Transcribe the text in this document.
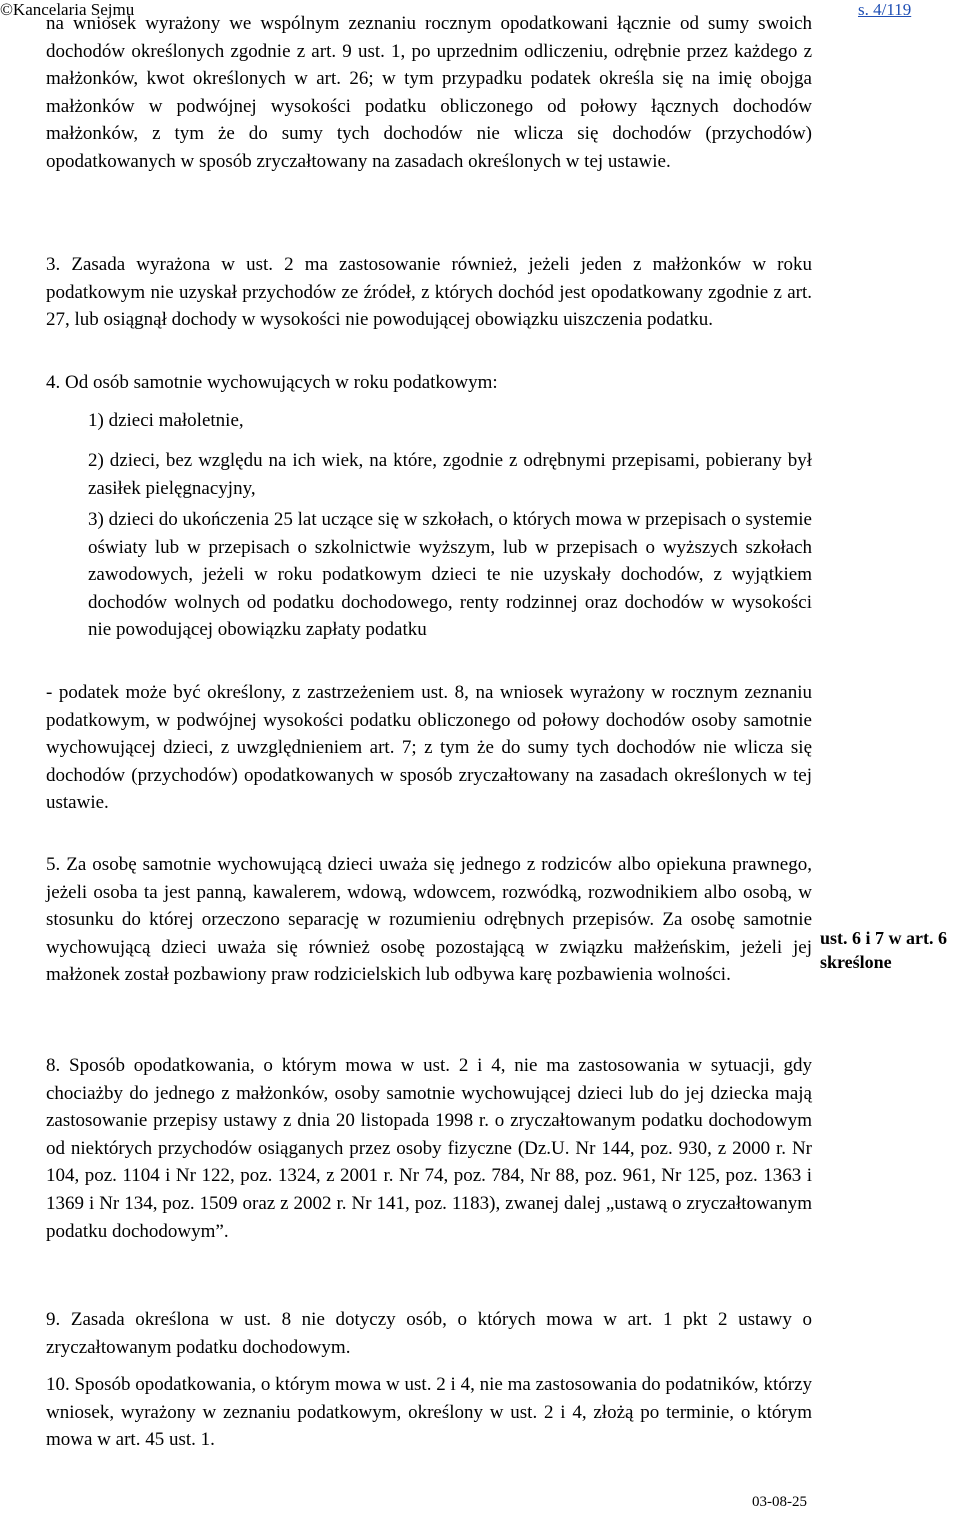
©Kancelaria Sejmu	s. 4/119

na wniosek wyrażony we wspólnym zeznaniu rocznym opodatkowani łącznie od sumy swoich dochodów określonych zgodnie z art. 9 ust. 1, po uprzednim odliczeniu, odrębnie przez każdego z małżonków, kwot określonych w art. 26; w tym przypadku podatek określa się na imię obojga małżonków w podwójnej wysokości podatku obliczonego od połowy łącznych dochodów małżonków, z tym że do sumy tych dochodów nie wlicza się dochodów (przychodów) opodatkowanych w sposób zryczałtowany na zasadach określonych w tej ustawie.

3. Zasada wyrażona w ust. 2 ma zastosowanie również, jeżeli jeden z małżonków w roku podatkowym nie uzyskał przychodów ze źródeł, z których dochód jest opodatkowany zgodnie z art. 27, lub osiągnął dochody w wysokości nie powodującej obowiązku uiszczenia podatku.

4. Od osób samotnie wychowujących w roku podatkowym:

1) dzieci małoletnie,

2) dzieci, bez względu na ich wiek, na które, zgodnie z odrębnymi przepisami, pobierany był zasiłek pielęgnacyjny,

3) dzieci do ukończenia 25 lat uczące się w szkołach, o których mowa w przepisach o systemie oświaty lub w przepisach o szkolnictwie wyższym, lub w przepisach o wyższych szkołach zawodowych, jeżeli w roku podatkowym dzieci te nie uzyskały dochodów, z wyjątkiem dochodów wolnych od podatku dochodowego, renty rodzinnej oraz dochodów w wysokości nie powodującej obowiązku zapłaty podatku

- podatek może być określony, z zastrzeżeniem ust. 8, na wniosek wyrażony w rocznym zeznaniu podatkowym, w podwójnej wysokości podatku obliczonego od połowy dochodów osoby samotnie wychowującej dzieci, z uwzględnieniem art. 7; z tym że do sumy tych dochodów nie wlicza się dochodów (przychodów) opodatkowanych w sposób zryczałtowany na zasadach określonych w tej ustawie.

5. Za osobę samotnie wychowującą dzieci uważa się jednego z rodziców albo opiekuna prawnego, jeżeli osoba ta jest panną, kawalerem, wdową, wdowcem, rozwódką, rozwodnikiem albo osobą, w stosunku do której orzeczono separację w rozumieniu odrębnych przepisów. Za osobę samotnie wychowującą dzieci uważa się również osobę pozostającą w związku małżeńskim, jeżeli jej małżonek został pozbawiony praw rodzicielskich lub odbywa karę pozbawienia wolności.

ust. 6 i 7 w art. 6 skreślone

8. Sposób opodatkowania, o którym mowa w ust. 2 i 4, nie ma zastosowania w sytuacji, gdy chociażby do jednego z małżonków, osoby samotnie wychowującej dzieci lub do jej dziecka mają zastosowanie przepisy ustawy z dnia 20 listopada 1998 r. o zryczałtowanym podatku dochodowym od niektórych przychodów osiąganych przez osoby fizyczne (Dz.U. Nr 144, poz. 930, z 2000 r. Nr 104, poz. 1104 i Nr 122, poz. 1324, z 2001 r. Nr 74, poz. 784, Nr 88, poz. 961, Nr 125, poz. 1363 i 1369 i Nr 134, poz. 1509 oraz z 2002 r. Nr 141, poz. 1183), zwanej dalej „ustawą o zryczałtowanym podatku dochodowym”.

9. Zasada określona w ust. 8 nie dotyczy osób, o których mowa w art. 1 pkt 2 ustawy o zryczałtowanym podatku dochodowym.

10. Sposób opodatkowania, o którym mowa w ust. 2 i 4, nie ma zastosowania do podatników, którzy wniosek, wyrażony w zeznaniu podatkowym, określony w ust. 2 i 4, złożą po terminie, o którym mowa w art. 45 ust. 1.

03-08-25
